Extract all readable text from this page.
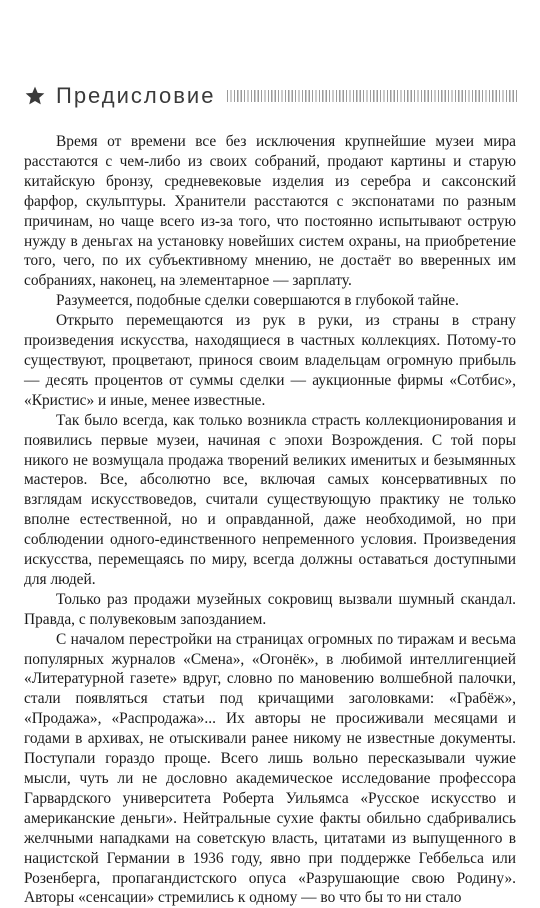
Предисловие

Время от времени все без исключения крупнейшие музеи мира расстаются с чем-либо из своих собраний, продают картины и старую китайскую бронзу, средневековые изделия из серебра и саксонский фарфор, скульптуры. Хранители расстаются с экспонатами по разным причинам, но чаще всего из-за того, что постоянно испытывают острую нужду в деньгах на установку новейших систем охраны, на приобретение того, чего, по их субъективному мнению, не достаёт во вверенных им собраниях, наконец, на элементарное — зарплату.

Разумеется, подобные сделки совершаются в глубокой тайне.

Открыто перемещаются из рук в руки, из страны в страну произведения искусства, находящиеся в частных коллекциях. Потому-то существуют, процветают, принося своим владельцам огромную прибыль — десять процентов от суммы сделки — аукционные фирмы «Сотбис», «Кристис» и иные, менее известные.

Так было всегда, как только возникла страсть коллекционирования и появились первые музеи, начиная с эпохи Возрождения. С той поры никого не возмущала продажа творений великих именитых и безымянных мастеров. Все, абсолютно все, включая самых консервативных по взглядам искусствоведов, считали существующую практику не только вполне естественной, но и оправданной, даже необходимой, но при соблюдении одного-единственного непременного условия. Произведения искусства, перемещаясь по миру, всегда должны оставаться доступными для людей.

Только раз продажи музейных сокровищ вызвали шумный скандал. Правда, с полувековым запозданием.

С началом перестройки на страницах огромных по тиражам и весьма популярных журналов «Смена», «Огонёк», в любимой интеллигенцией «Литературной газете» вдруг, словно по мановению волшебной палочки, стали появляться статьи под кричащими заголовками: «Грабёж», «Продажа», «Распродажа»... Их авторы не просиживали месяцами и годами в архивах, не отыскивали ранее никому не известные документы. Поступали гораздо проще. Всего лишь вольно пересказывали чужие мысли, чуть ли не дословно академическое исследование профессора Гарвардского университета Роберта Уильямса «Русское искусство и американские деньги». Нейтральные сухие факты обильно сдабривались желчными нападками на советскую власть, цитатами из выпущенного в нацистской Германии в 1936 году, явно при поддержке Геббельса или Розенберга, пропагандистского опуса «Разрушающие свою Родину». Авторы «сенсации» стремились к одному — во что бы то ни стало
